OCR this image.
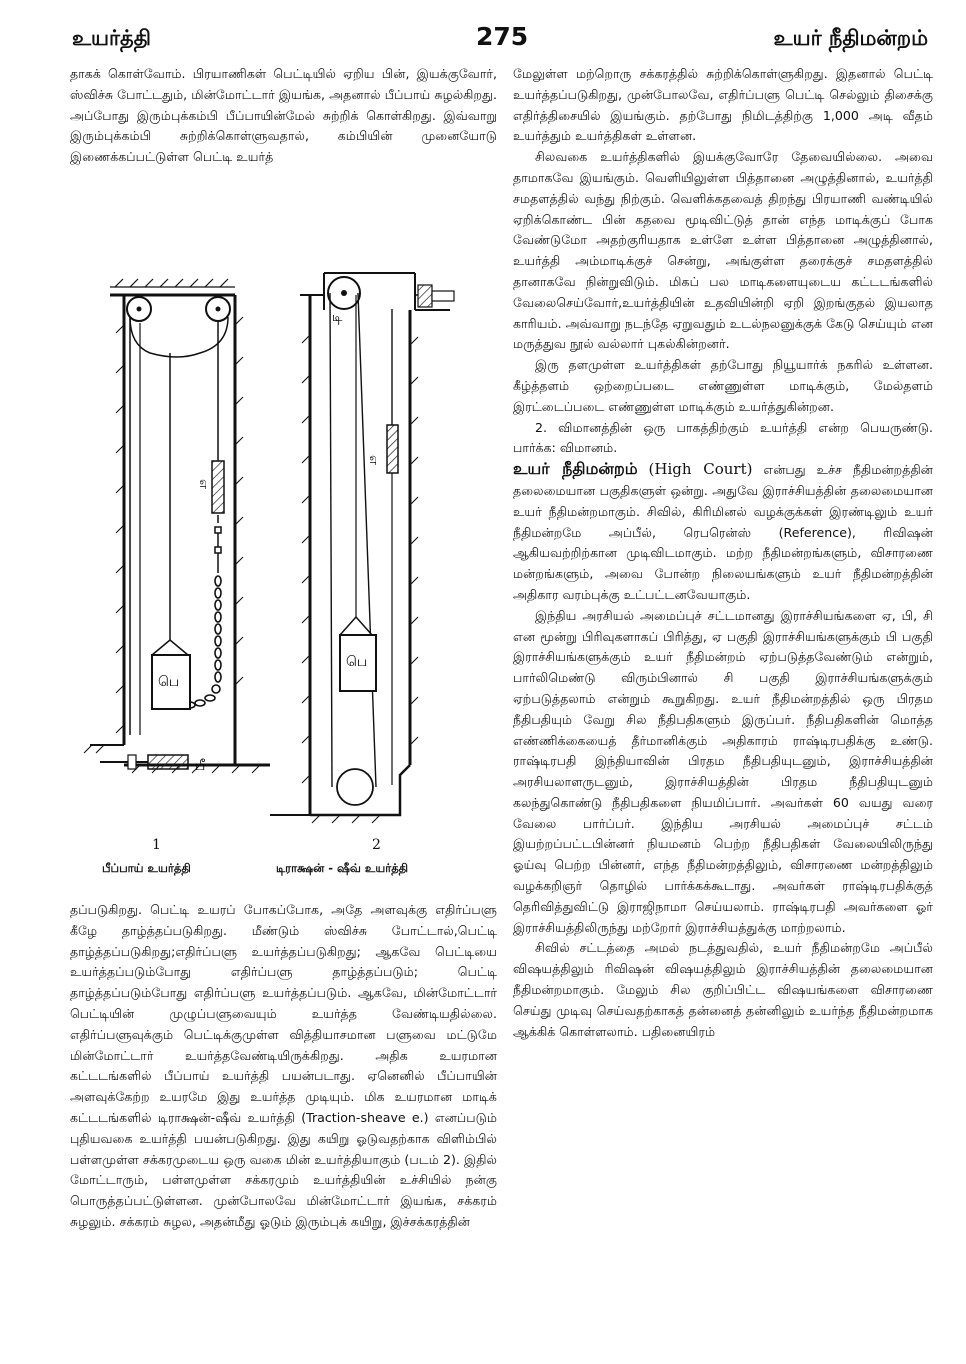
உயர்த்தி	275	உயர் நீதிமன்றம்

தாகக் கொள்வோம். பிரயாணிகள் பெட்டியில் ஏறிய பின், இயக்குவோர், ஸ்விச்சு போட்டதும், மின்மோட்டார் இயங்க, அதனால் பீப்பாய் சுழல்கிறது. அப்போது இரும்புக்கம்பி பீப்பாயின்மேல் சுற்றிக் கொள்கிறது. இவ்வாறு இரும்புக்கம்பி சுற்றிக்கொள்ளுவதால், கம்பியின் முனையோடு இணைக்கப்பட்டுள்ள பெட்டி உயர்த்

எ
பெ
பீ
டி
எ
பெ
1	2
பீப்பாய் உயர்த்தி	டிராக்ஷன் - ஷீவ் உயர்த்தி

தப்படுகிறது. பெட்டி உயரப் போகப்போக, அதே அளவுக்கு எதிர்ப்பளு கீழே தாழ்த்தப்படுகிறது. மீண்டும் ஸ்விச்சு போட்டால்,பெட்டி தாழ்த்தப்படுகிறது;எதிர்ப்பளு உயர்த்தப்படுகிறது; ஆகவே பெட்டியை உயர்த்தப்படும்போது எதிர்ப்பளு தாழ்த்தப்படும்; பெட்டி தாழ்த்தப்படும்போது எதிர்ப்பளு உயர்த்தப்படும். ஆகவே, மின்மோட்டார் பெட்டியின் முழுப்பளுவையும் உயர்த்த வேண்டியதில்லை. எதிர்ப்பளுவுக்கும் பெட்டிக்குமுள்ள வித்தியாசமான பளுவை மட்டுமே மின்மோட்டார் உயர்த்தவேண்டியிருக்கிறது. அதிக உயரமான கட்டடங்களில் பீப்பாய் உயர்த்தி பயன்படாது. ஏனெனில் பீப்பாயின் அளவுக்கேற்ற உயரமே இது உயர்த்த முடியும். மிக உயரமான மாடிக் கட்டடங்களில் டிராக்ஷன்-ஷீவ் உயர்த்தி (Traction-sheave e.) எனப்படும் புதியவகை உயர்த்தி பயன்படுகிறது. இது கயிறு ஓடுவதற்காக விளிம்பில் பள்ளமுள்ள சக்கரமுடைய ஒரு வகை மின் உயர்த்தியாகும் (படம் 2). இதில் மோட்டாரும், பள்ளமுள்ள சக்கரமும் உயர்த்தியின் உச்சியில் நன்கு பொருத்தப்பட்டுள்ளன. முன்போலவே மின்மோட்டார் இயங்க, சக்கரம் சுழலும். சக்கரம் சுழல, அதன்மீது ஓடும் இரும்புக் கயிறு, இச்சக்கரத்தின்

மேலுள்ள மற்றொரு சக்கரத்தில் சுற்றிக்கொள்ளுகிறது. இதனால் பெட்டி உயர்த்தப்படுகிறது, முன்போலவே, எதிர்ப்பளு பெட்டி செல்லும் திசைக்கு எதிர்த்திசையில் இயங்கும். தற்போது நிமிடத்திற்கு 1,000 அடி வீதம் உயர்த்தும் உயர்த்திகள் உள்ளன.

சிலவகை உயர்த்திகளில் இயக்குவோரே தேவையில்லை. அவை தாமாகவே இயங்கும். வெளியிலுள்ள பித்தானை அழுத்தினால், உயர்த்தி சமதளத்தில் வந்து நிற்கும். வெளிக்கதவைத் திறந்து பிரயாணி வண்டியில் ஏறிக்கொண்ட பின் கதவை மூடிவிட்டுத் தான் எந்த மாடிக்குப் போக வேண்டுமோ அதற்குரியதாக உள்ளே உள்ள பித்தானை அழுத்தினால், உயர்த்தி அம்மாடிக்குச் சென்று, அங்குள்ள தரைக்குச் சமதளத்தில் தானாகவே நின்றுவிடும். மிகப் பல மாடிகளையுடைய கட்டடங்களில் வேலைசெய்வோர்,உயர்த்தியின் உதவியின்றி ஏறி இறங்குதல் இயலாத காரியம். அவ்வாறு நடந்தே ஏறுவதும் உடல்நலனுக்குக் கேடு செய்யும் என மருத்துவ நூல் வல்லார் புகல்கின்றனர்.

இரு தளமுள்ள உயர்த்திகள் தற்போது நியூயார்க் நகரில் உள்ளன. கீழ்த்தளம் ஒற்றைப்படை எண்ணுள்ள மாடிக்கும், மேல்தளம் இரட்டைப்படை எண்ணுள்ள மாடிக்கும் உயர்த்துகின்றன.

2. விமானத்தின் ஒரு பாகத்திற்கும் உயர்த்தி என்ற பெயருண்டு. பார்க்க: விமானம்.

உயர் நீதிமன்றம் (High Court) என்பது உச்ச நீதிமன்றத்தின் தலைமையான பகுதிகளுள் ஒன்று. அதுவே இராச்சியத்தின் தலைமையான உயர் நீதிமன்றமாகும். சிவில், கிரிமினல் வழக்குக்கள் இரண்டிலும் உயர் நீதிமன்றமே அப்பீல், ரெபரென்ஸ் (Reference), ரிவிஷன் ஆகியவற்றிற்கான முடிவிடமாகும். மற்ற நீதிமன்றங்களும், விசாரணை மன்றங்களும், அவை போன்ற நிலையங்களும் உயர் நீதிமன்றத்தின் அதிகார வரம்புக்கு உட்பட்டனவேயாகும்.

இந்திய அரசியல் அமைப்புச் சட்டமானது இராச்சியங்களை ஏ, பி, சி என மூன்று பிரிவுகளாகப் பிரித்து, ஏ பகுதி இராச்சியங்களுக்கும் பி பகுதி இராச்சியங்களுக்கும் உயர் நீதிமன்றம் ஏற்படுத்தவேண்டும் என்றும், பார்லிமெண்டு விரும்பினால் சி பகுதி இராச்சியங்களுக்கும் ஏற்படுத்தலாம் என்றும் கூறுகிறது. உயர் நீதிமன்றத்தில் ஒரு பிரதம நீதிபதியும் வேறு சில நீதிபதிகளும் இருப்பர். நீதிபதிகளின் மொத்த எண்ணிக்கையைத் தீர்மானிக்கும் அதிகாரம் ராஷ்டிரபதிக்கு உண்டு. ராஷ்டிரபதி இந்தியாவின் பிரதம நீதிபதியுடனும், இராச்சியத்தின் அரசியலாளருடனும், இராச்சியத்தின் பிரதம நீதிபதியுடனும் கலந்துகொண்டு நீதிபதிகளை நியமிப்பார். அவர்கள் 60 வயது வரை வேலை பார்ப்பர். இந்திய அரசியல் அமைப்புச் சட்டம் இயற்றப்பட்டபின்னர் நியமனம் பெற்ற நீதிபதிகள் வேலையிலிருந்து ஓய்வு பெற்ற பின்னர், எந்த நீதிமன்றத்திலும், விசாரணை மன்றத்திலும் வழக்கறிஞர் தொழில் பார்க்கக்கூடாது. அவர்கள் ராஷ்டிரபதிக்குத் தெரிவித்துவிட்டு இராஜிநாமா செய்யலாம். ராஷ்டிரபதி அவர்களை ஓர் இராச்சியத்திலிருந்து மற்றோர் இராச்சியத்துக்கு மாற்றலாம்.

சிவில் சட்டத்தை அமல் நடத்துவதில், உயர் நீதிமன்றமே அப்பீல் விஷயத்திலும் ரிவிஷன் விஷயத்திலும் இராச்சியத்தின் தலைமையான நீதிமன்றமாகும். மேலும் சில குறிப்பிட்ட விஷயங்களை விசாரணை செய்து முடிவு செய்வதற்காகத் தன்னைத் தன்னிலும் உயர்ந்த நீதிமன்றமாக ஆக்கிக் கொள்ளலாம். பதினையிரம்
